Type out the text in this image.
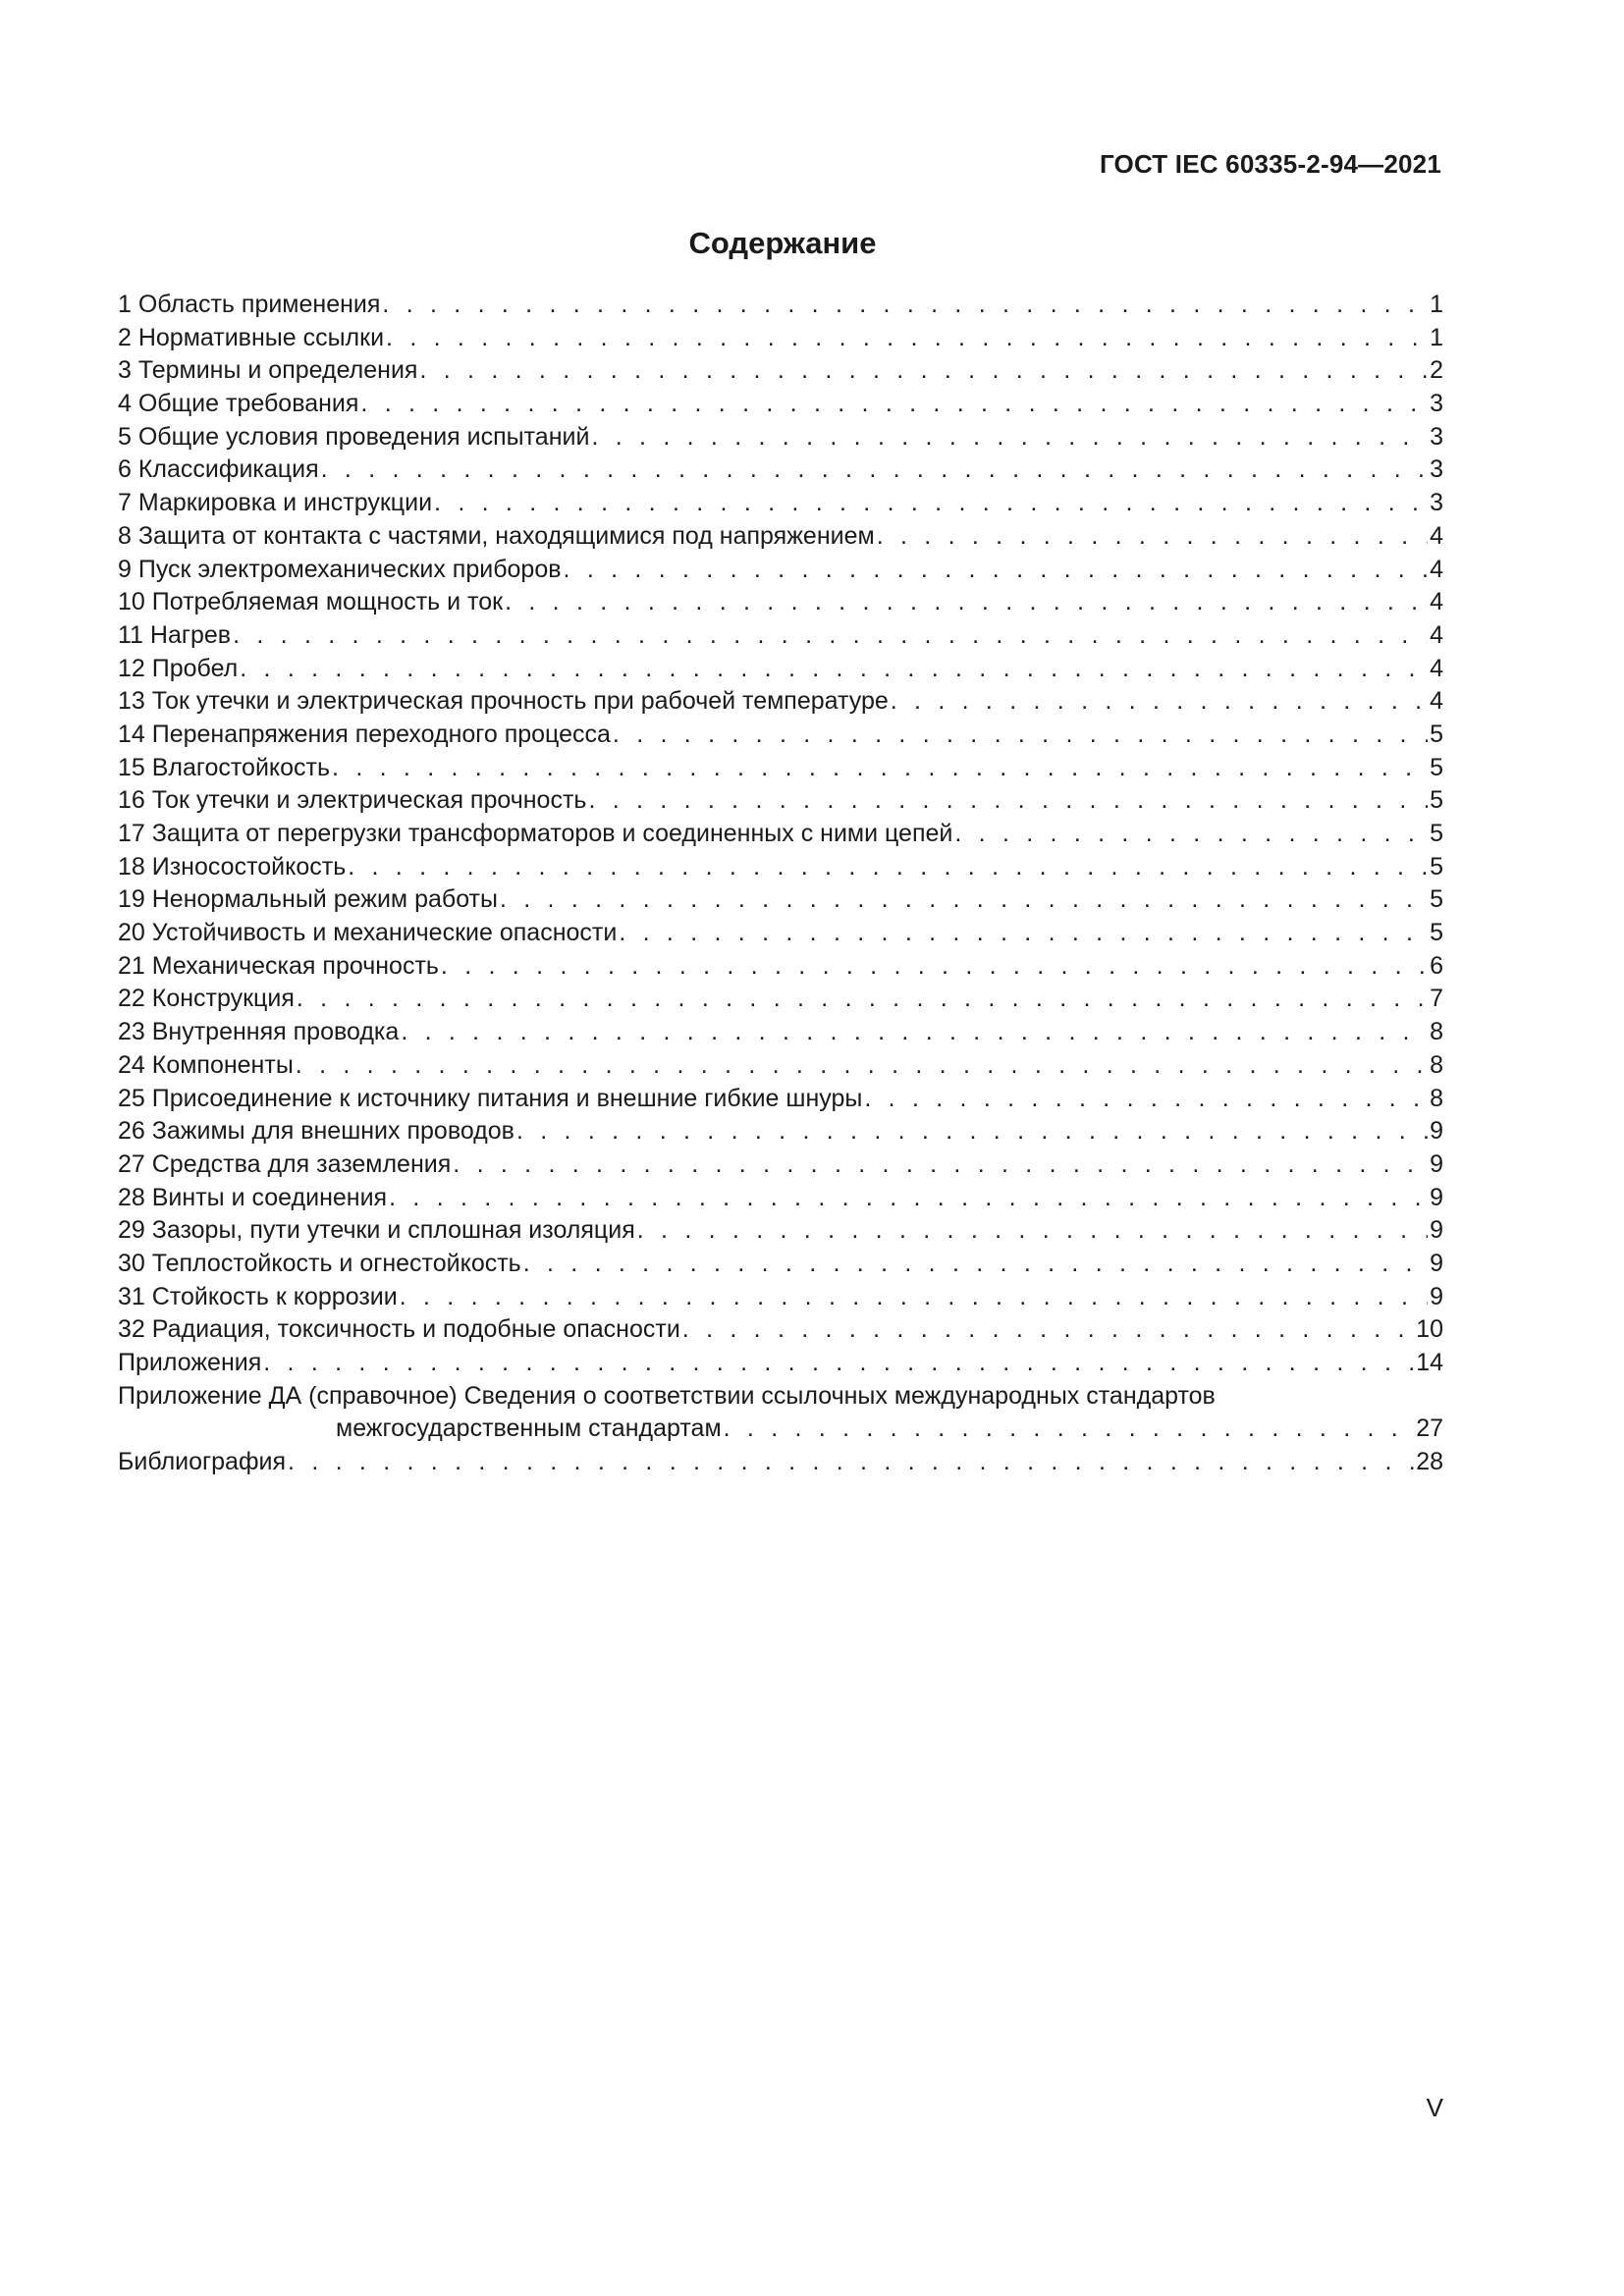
ГОСТ IEC 60335-2-94—2021
Содержание
1 Область применения . . .	1
2 Нормативные ссылки . . .	1
3 Термины и определения . . .	2
4 Общие требования . . .	3
5 Общие условия проведения испытаний . . .	3
6 Классификация . . .	3
7 Маркировка и инструкции . . .	3
8 Защита от контакта с частями, находящимися под напряжением . . .	4
9 Пуск электромеханических приборов . . .	4
10 Потребляемая мощность и ток . . .	4
11 Нагрев . . .	4
12 Пробел . . .	4
13 Ток утечки и электрическая прочность при рабочей температуре . . .	4
14 Перенапряжения переходного процесса . . .	5
15 Влагостойкость . . .	5
16 Ток утечки и электрическая прочность . . .	5
17 Защита от перегрузки трансформаторов и соединенных с ними цепей . . .	5
18 Износостойкость . . .	5
19 Ненормальный режим работы . . .	5
20 Устойчивость и механические опасности . . .	5
21 Механическая прочность . . .	6
22 Конструкция . . .	7
23 Внутренняя проводка . . .	8
24 Компоненты . . .	8
25 Присоединение к источнику питания и внешние гибкие шнуры . . .	8
26 Зажимы для внешних проводов . . .	9
27 Средства для заземления . . .	9
28 Винты и соединения . . .	9
29 Зазоры, пути утечки и сплошная изоляция . . .	9
30 Теплостойкость и огнестойкость . . .	9
31 Стойкость к коррозии . . .	9
32 Радиация, токсичность и подобные опасности . . .	10
Приложения . . .	14
Приложение ДА (справочное) Сведения о соответствии ссылочных международных стандартов
межгосударственным стандартам . . .	27
Библиография . . .	28
V
